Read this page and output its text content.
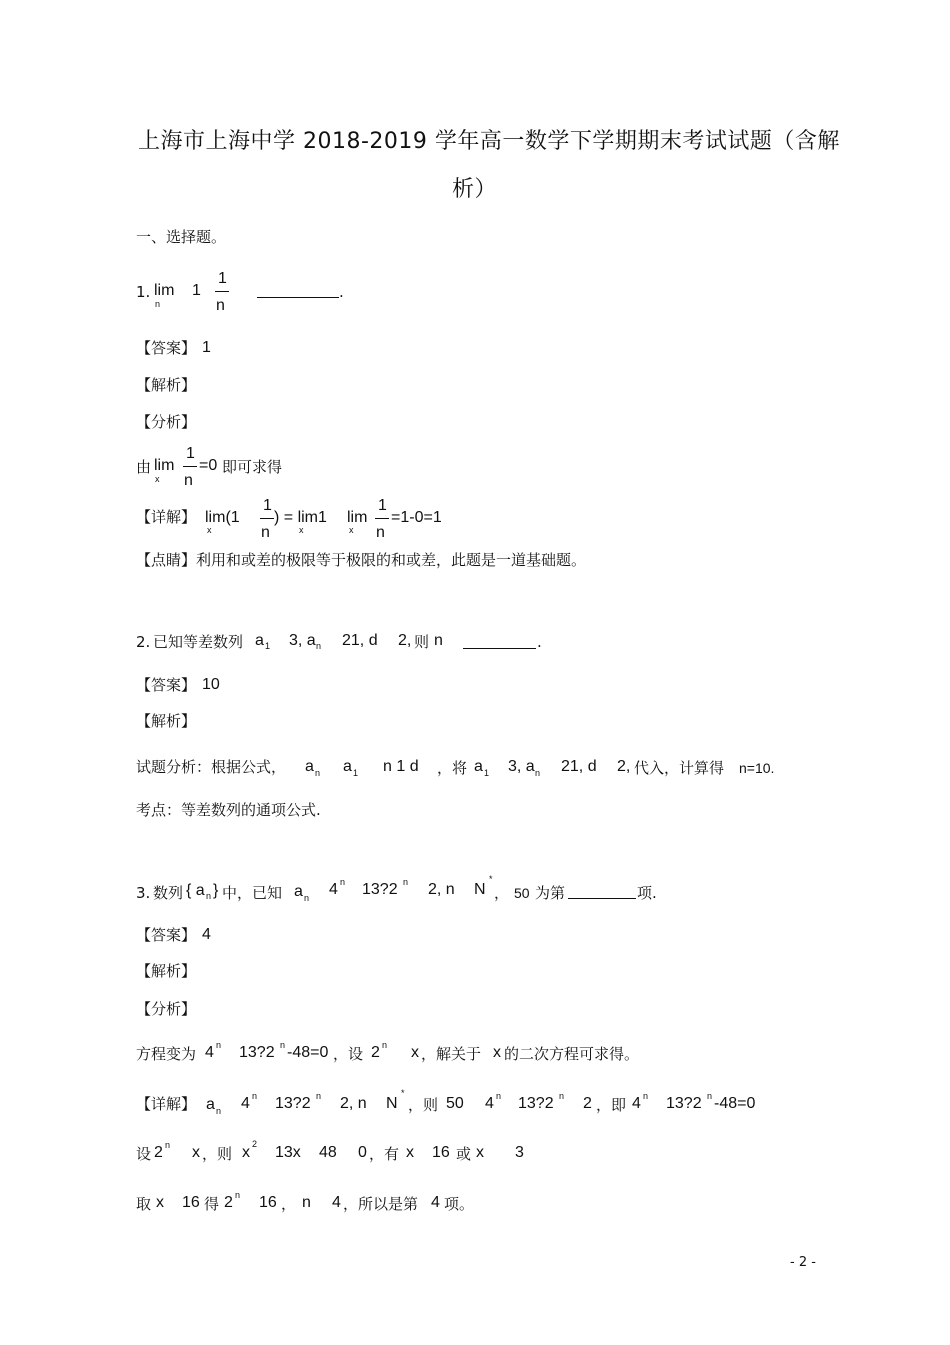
上海市上海中学 2018-2019 学年高一数学下学期期末考试试题（含解
析）
一、选择题。
1. lim
n
1
1
n
.
【答案】 1
【解析】
【分析】
由 lim
x
1
n
=0 即可求得
【详解】 lim(1
x
1
n
) = lim1
x
lim
x
1
n
=1-0=1
【点睛】 利用和或差的极限等于极限的和或差，此题是一道基础题。
2. 已知等差数列 a 1 3, a n 21, d 2, 则 n	.
【答案】 10
【解析】
试题分析：根据公式， a n a 1 n 1 d ，将 a 1 3, a n 21, d 2, 代入，计算得 n=10.
考点：等差数列的通项公式.
3. 数列 { a n } 中，已知 a n 4 n 13?2 n 2, n N
*
， 50 为第	项.
【答案】 4
【解析】
【分析】
方程变为 4 n 13?2 n -48=0 ，设 2 n x ，解关于 x 的二次方程可求得。
【详解】 a n 4 n 13?2 n 2, n N
*
，则 50 4 n 13?2 n 2 ，即 4 n 13?2 n -48=0
设 2 n x ，则 x 2 13x 48 0 ，有 x 16 或 x 3
取 x 16 得 2 n 16 ， n 4 ，所以是第 4 项。
- 2 -
